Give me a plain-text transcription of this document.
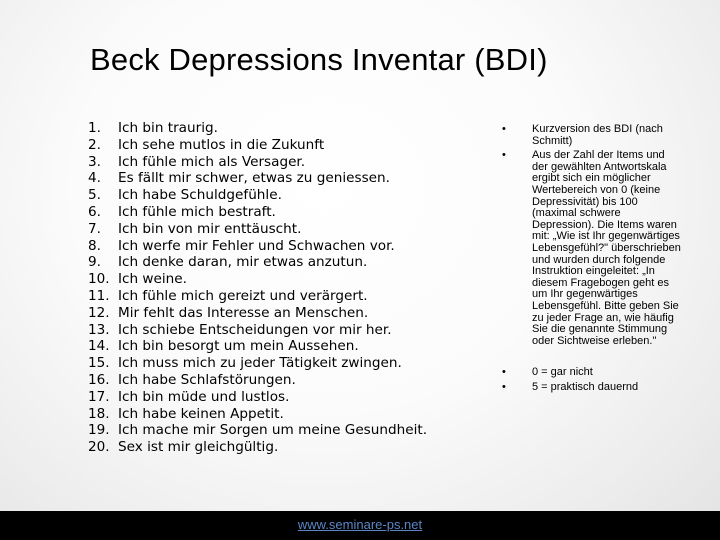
Beck Depressions Inventar (BDI)
1.	Ich bin traurig.
2.	Ich sehe mutlos in die Zukunft
3.	Ich fühle mich als Versager.
4.	Es fällt mir schwer, etwas zu geniessen.
5.	Ich habe Schuldgefühle.
6.	Ich fühle mich bestraft.
7.	Ich bin von mir enttäuscht.
8.	Ich werfe mir Fehler und Schwachen vor.
9.	Ich denke daran, mir etwas anzutun.
10. Ich weine.
11. Ich fühle mich gereizt und verärgert.
12. Mir fehlt das Interesse an Menschen.
13. Ich schiebe Entscheidungen vor mir her.
14. Ich bin besorgt um mein Aussehen.
15. Ich muss mich zu jeder Tätigkeit zwingen.
16. Ich habe Schlafstörungen.
17. Ich bin müde und lustlos.
18. Ich habe keinen Appetit.
19. Ich mache mir Sorgen um meine Gesundheit.
20. Sex ist mir gleichgültig.
•	Kurzversion des BDI (nach Schmitt)
•	Aus der Zahl der Items und der gewählten Antwortskala ergibt sich ein möglicher Wertebereich von 0 (keine Depressivität) bis 100 (maximal schwere Depression). Die Items waren mit: „Wie ist Ihr gegenwärtiges Lebensgefühl?" überschrieben und wurden durch folgende Instruktion eingeleitet: „In diesem Fragebogen geht es um Ihr gegenwärtiges Lebensgefühl. Bitte geben Sie zu jeder Frage an, wie häufig Sie die genannte Stimmung oder Sichtweise erleben."
•	0 = gar nicht
•	5 = praktisch dauernd
www.seminare-ps.net
